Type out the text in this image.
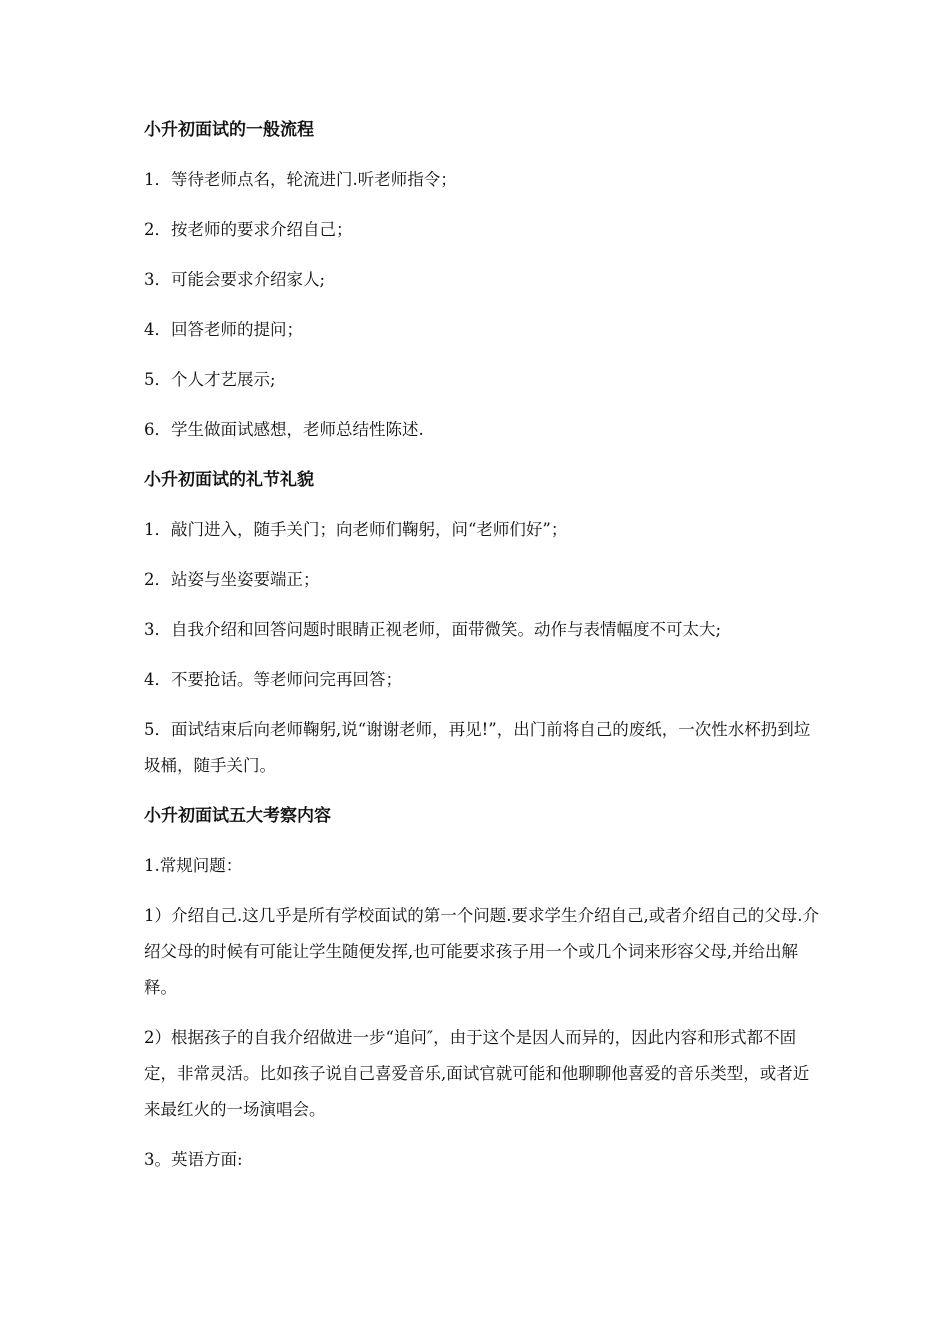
小升初面试的一般流程
1．等待老师点名，轮流进门.听老师指令；
2．按老师的要求介绍自己；
3．可能会要求介绍家人;
4．回答老师的提问；
5．个人才艺展示;
6．学生做面试感想，老师总结性陈述.
小升初面试的礼节礼貌
1．敲门进入，随手关门；向老师们鞠躬，问“老师们好”；
2．站姿与坐姿要端正；
3．自我介绍和回答问题时眼睛正视老师，面带微笑。动作与表情幅度不可太大;
4．不要抢话。等老师问完再回答；
5．面试结束后向老师鞠躬,说“谢谢老师，再见!”，出门前将自己的废纸，一次性水杯扔到垃圾桶，随手关门。
小升初面试五大考察内容
1.常规问题：
1）介绍自己.这几乎是所有学校面试的第一个问题.要求学生介绍自己,或者介绍自己的父母.介绍父母的时候有可能让学生随便发挥,也可能要求孩子用一个或几个词来形容父母,并给出解释。
2）根据孩子的自我介绍做进一步“追问″，由于这个是因人而异的，因此内容和形式都不固定，非常灵活。比如孩子说自己喜爱音乐,面试官就可能和他聊聊他喜爱的音乐类型，或者近来最红火的一场演唱会。
3。英语方面:
